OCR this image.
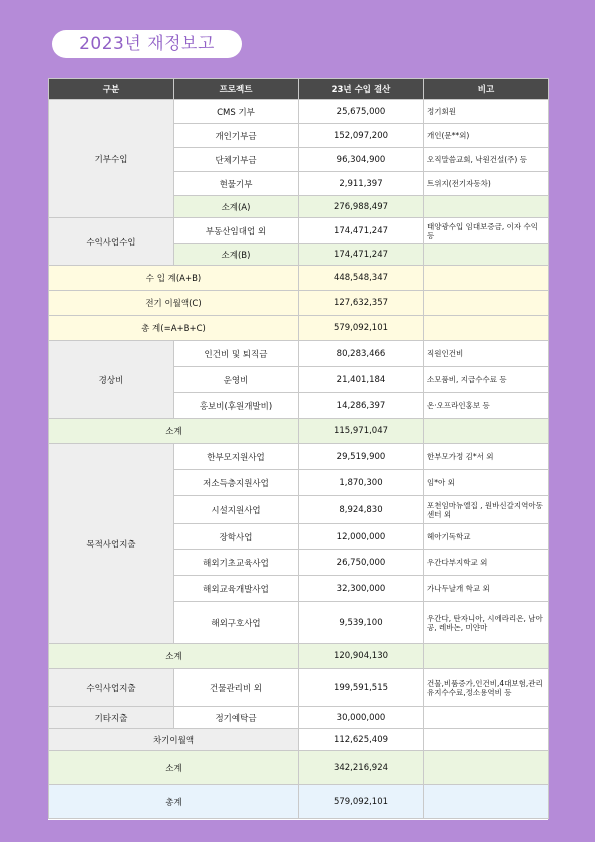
2023년 재정보고
구분	프로젝트	23년 수입 결산	비고
기부수입	CMS 기부	25,675,000	정기회원
	개인기부금	152,097,200	개인(문**외)
	단체기부금	96,304,900	오직말씀교회, 낙원건설(주) 등
	현물기부	2,911,397	트위지(전기자동차)
	소계(A)	276,988,497	
수익사업수입	부동산임대업 외	174,471,247	태양광수입 임대보증금, 이자 수익 등
	소계(B)	174,471,247	
수 입 계(A+B)		448,548,347	
전기 이월액(C)		127,632,357	
총 계(=A+B+C)		579,092,101	
경상비	인건비 및 퇴직금	80,283,466	직원인건비
	운영비	21,401,184	소모품비, 지급수수료 등
	홍보비(후원개발비)	14,286,397	온·오프라인홍보 등
소계		115,971,047	
목적사업지출	한부모지원사업	29,519,900	한부모가정 김*서 외
	저소득층지원사업	1,870,300	임*아 외
	시설지원사업	8,924,830	포천임마뉴엘집 , 원바신갈지역아동센터 외
	장학사업	12,000,000	헤아기독학교
	해외기초교육사업	26,750,000	우간다부지학교 외
	해외교육개발사업	32,300,000	가나두날개 학교 외
	해외구호사업	9,539,100	우간다, 탄자니아, 시에라리온, 남아공, 레바논, 미얀마
소계		120,904,130	
수익사업지출	건물관리비 외	199,591,515	건물,비품증가,인건비,4대보험,관리유지수수료,정소용역비 등
기타지출	정기예탁금	30,000,000	
차기이월액		112,625,409	
소계		342,216,924	
총계		579,092,101	
